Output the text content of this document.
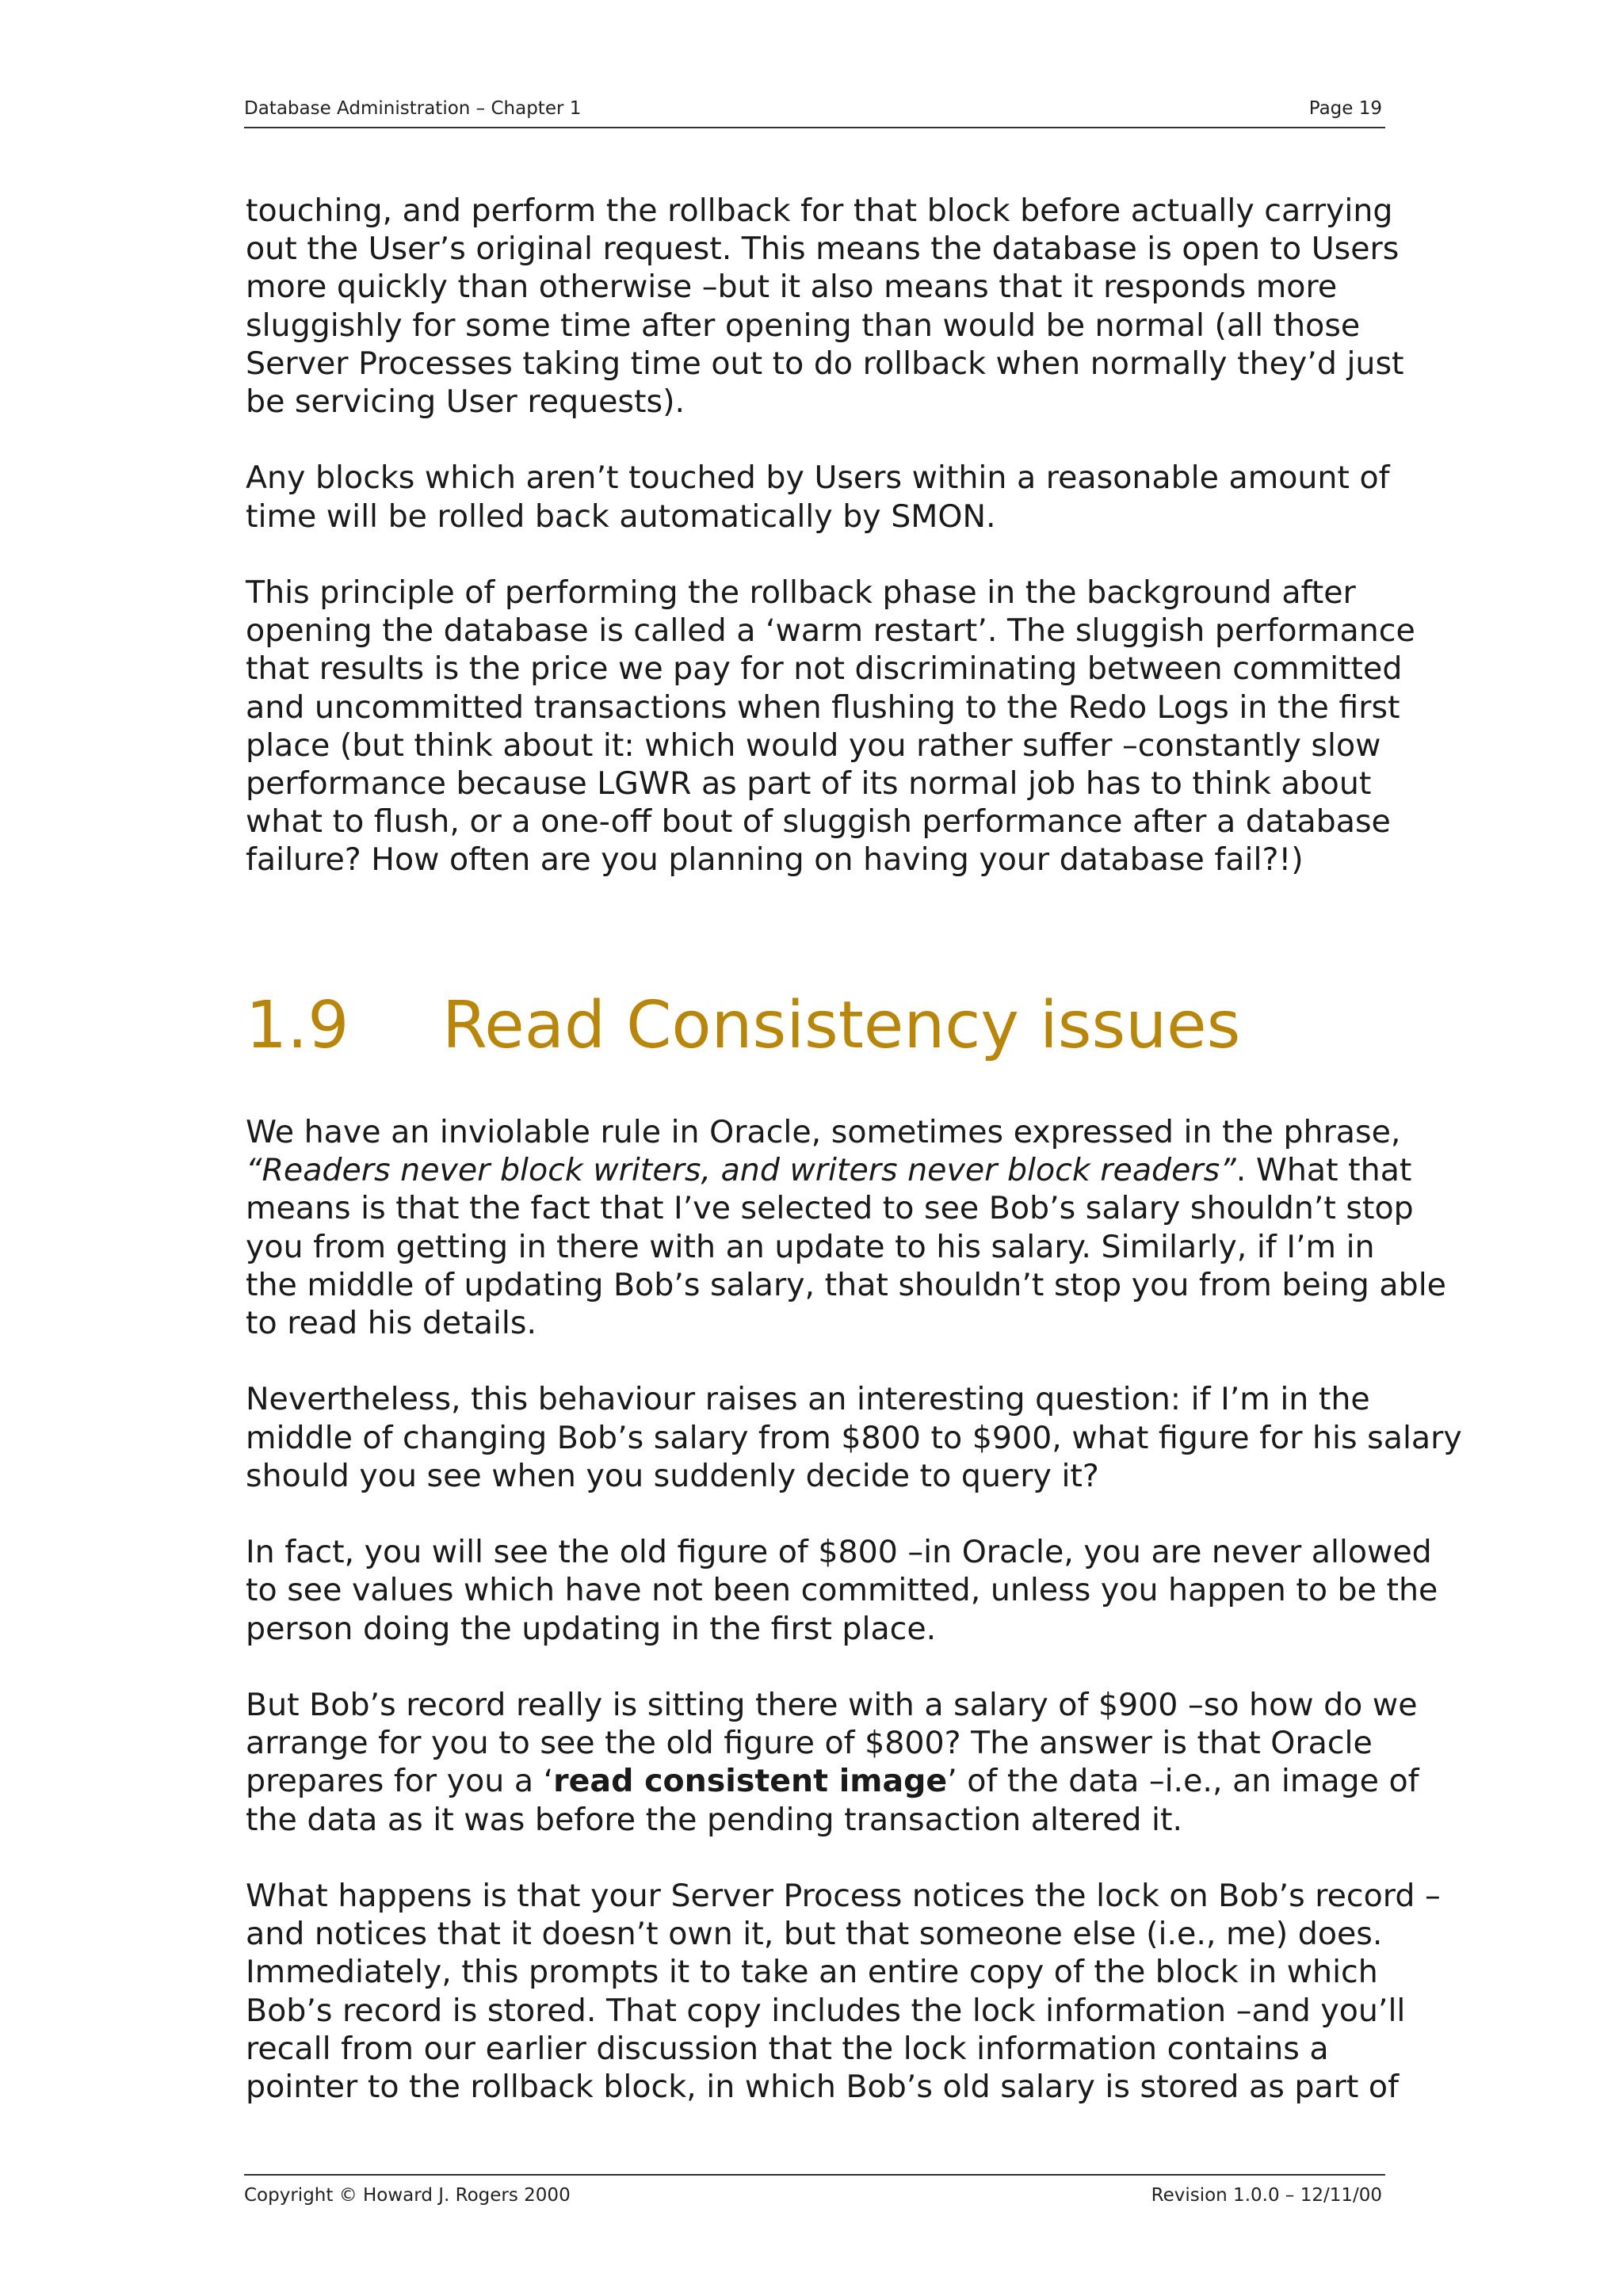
Database Administration – Chapter 1	Page 19

touching, and perform the rollback for that block before actually carrying
out the User’s original request. This means the database is open to Users
more quickly than otherwise –but it also means that it responds more
sluggishly for some time after opening than would be normal (all those
Server Processes taking time out to do rollback when normally they’d just
be servicing User requests).

Any blocks which aren’t touched by Users within a reasonable amount of
time will be rolled back automatically by SMON.

This principle of performing the rollback phase in the background after
opening the database is called a ‘warm restart’. The sluggish performance
that results is the price we pay for not discriminating between committed
and uncommitted transactions when flushing to the Redo Logs in the first
place (but think about it: which would you rather suffer –constantly slow
performance because LGWR as part of its normal job has to think about
what to flush, or a one-off bout of sluggish performance after a database
failure? How often are you planning on having your database fail?!)

1.9 Read Consistency issues

We have an inviolable rule in Oracle, sometimes expressed in the phrase,
“Readers never block writers, and writers never block readers”. What that
means is that the fact that I’ve selected to see Bob’s salary shouldn’t stop
you from getting in there with an update to his salary. Similarly, if I’m in
the middle of updating Bob’s salary, that shouldn’t stop you from being able
to read his details.

Nevertheless, this behaviour raises an interesting question: if I’m in the
middle of changing Bob’s salary from $800 to $900, what figure for his salary
should you see when you suddenly decide to query it?

In fact, you will see the old figure of $800 –in Oracle, you are never allowed
to see values which have not been committed, unless you happen to be the
person doing the updating in the first place.

But Bob’s record really is sitting there with a salary of $900 –so how do we
arrange for you to see the old figure of $800? The answer is that Oracle
prepares for you a ‘read consistent image’ of the data –i.e., an image of
the data as it was before the pending transaction altered it.

What happens is that your Server Process notices the lock on Bob’s record –
and notices that it doesn’t own it, but that someone else (i.e., me) does.
Immediately, this prompts it to take an entire copy of the block in which
Bob’s record is stored. That copy includes the lock information –and you’ll
recall from our earlier discussion that the lock information contains a
pointer to the rollback block, in which Bob’s old salary is stored as part of

Copyright © Howard J. Rogers 2000	Revision 1.0.0 – 12/11/00
